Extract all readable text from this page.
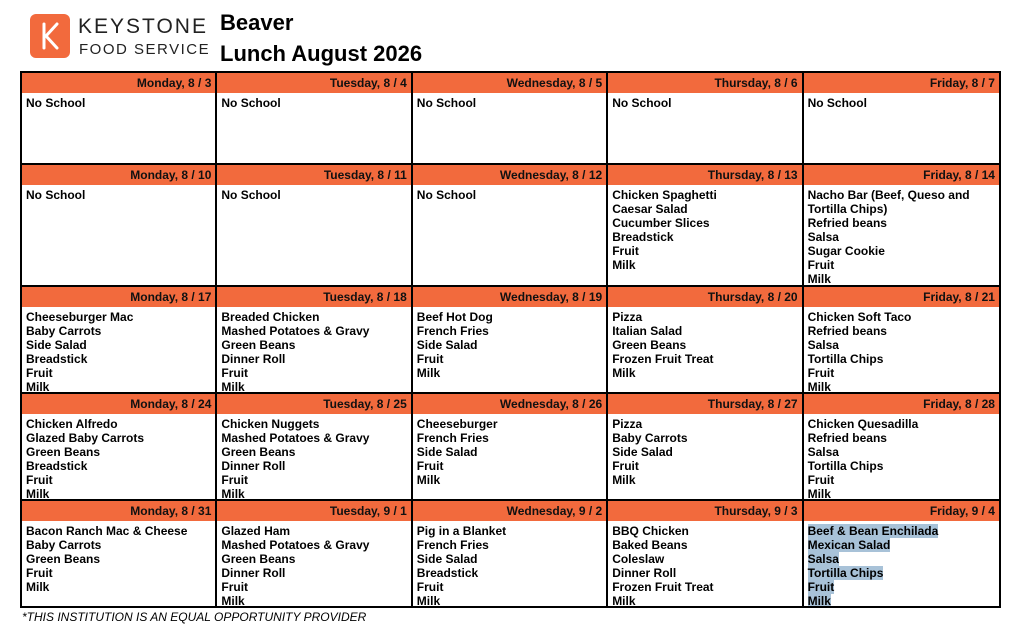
KEYSTONE
FOOD SERVICE
Beaver
Lunch August 2026
Monday, 8 / 3
No School
Tuesday, 8 / 4
No School
Wednesday, 8 / 5
No School
Thursday, 8 / 6
No School
Friday, 8 / 7
No School
Monday, 8 / 10
No School
Tuesday, 8 / 11
No School
Wednesday, 8 / 12
No School
Thursday, 8 / 13
Chicken Spaghetti
Caesar Salad
Cucumber Slices
Breadstick
Fruit
Milk
Friday, 8 / 14
Nacho Bar (Beef, Queso and
Tortilla Chips)
Refried beans
Salsa
Sugar Cookie
Fruit
Milk
Monday, 8 / 17
Cheeseburger Mac
Baby Carrots
Side Salad
Breadstick
Fruit
Milk
Tuesday, 8 / 18
Breaded Chicken
Mashed Potatoes & Gravy
Green Beans
Dinner Roll
Fruit
Milk
Wednesday, 8 / 19
Beef Hot Dog
French Fries
Side Salad
Fruit
Milk
Thursday, 8 / 20
Pizza
Italian Salad
Green Beans
Frozen Fruit Treat
Milk
Friday, 8 / 21
Chicken Soft Taco
Refried beans
Salsa
Tortilla Chips
Fruit
Milk
Monday, 8 / 24
Chicken Alfredo
Glazed Baby Carrots
Green Beans
Breadstick
Fruit
Milk
Tuesday, 8 / 25
Chicken Nuggets
Mashed Potatoes & Gravy
Green Beans
Dinner Roll
Fruit
Milk
Wednesday, 8 / 26
Cheeseburger
French Fries
Side Salad
Fruit
Milk
Thursday, 8 / 27
Pizza
Baby Carrots
Side Salad
Fruit
Milk
Friday, 8 / 28
Chicken Quesadilla
Refried beans
Salsa
Tortilla Chips
Fruit
Milk
Monday, 8 / 31
Bacon Ranch Mac & Cheese
Baby Carrots
Green Beans
Fruit
Milk
Tuesday, 9 / 1
Glazed Ham
Mashed Potatoes & Gravy
Green Beans
Dinner Roll
Fruit
Milk
Wednesday, 9 / 2
Pig in a Blanket
French Fries
Side Salad
Breadstick
Fruit
Milk
Thursday, 9 / 3
BBQ Chicken
Baked Beans
Coleslaw
Dinner Roll
Frozen Fruit Treat
Milk
Friday, 9 / 4
Beef & Bean Enchilada
Mexican Salad
Salsa
Tortilla Chips
Fruit
Milk
*THIS INSTITUTION IS AN EQUAL OPPORTUNITY PROVIDER
